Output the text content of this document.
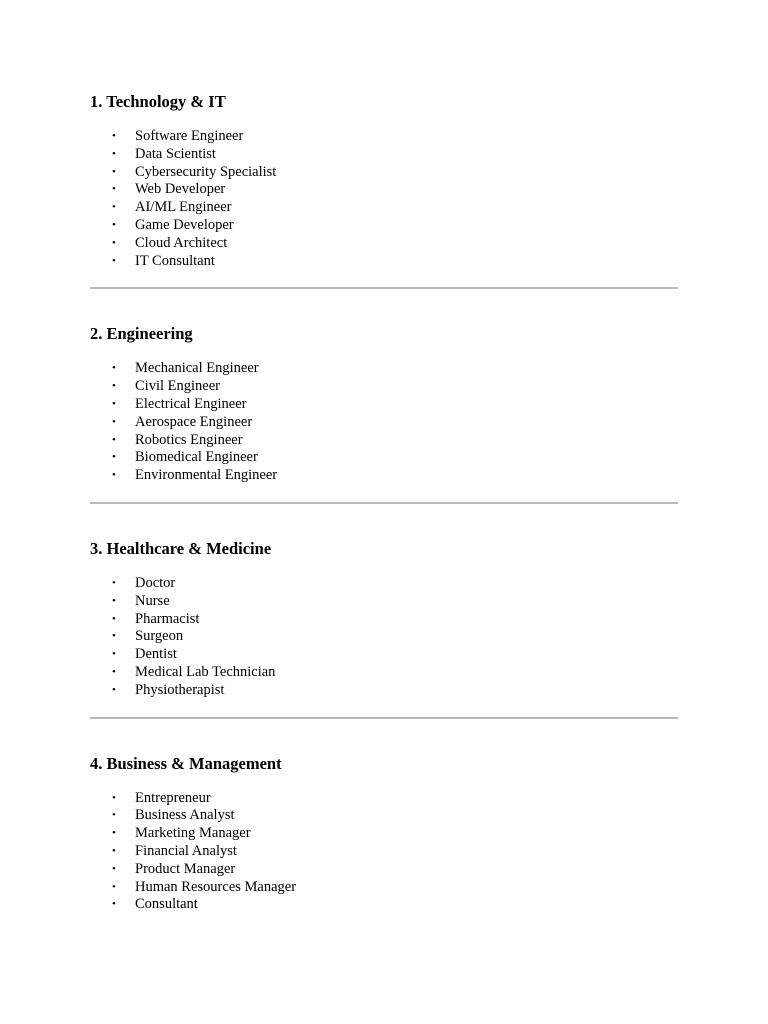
1. Technology & IT
• Software Engineer
• Data Scientist
• Cybersecurity Specialist
• Web Developer
• AI/ML Engineer
• Game Developer
• Cloud Architect
• IT Consultant
2. Engineering
• Mechanical Engineer
• Civil Engineer
• Electrical Engineer
• Aerospace Engineer
• Robotics Engineer
• Biomedical Engineer
• Environmental Engineer
3. Healthcare & Medicine
• Doctor
• Nurse
• Pharmacist
• Surgeon
• Dentist
• Medical Lab Technician
• Physiotherapist
4. Business & Management
• Entrepreneur
• Business Analyst
• Marketing Manager
• Financial Analyst
• Product Manager
• Human Resources Manager
• Consultant
